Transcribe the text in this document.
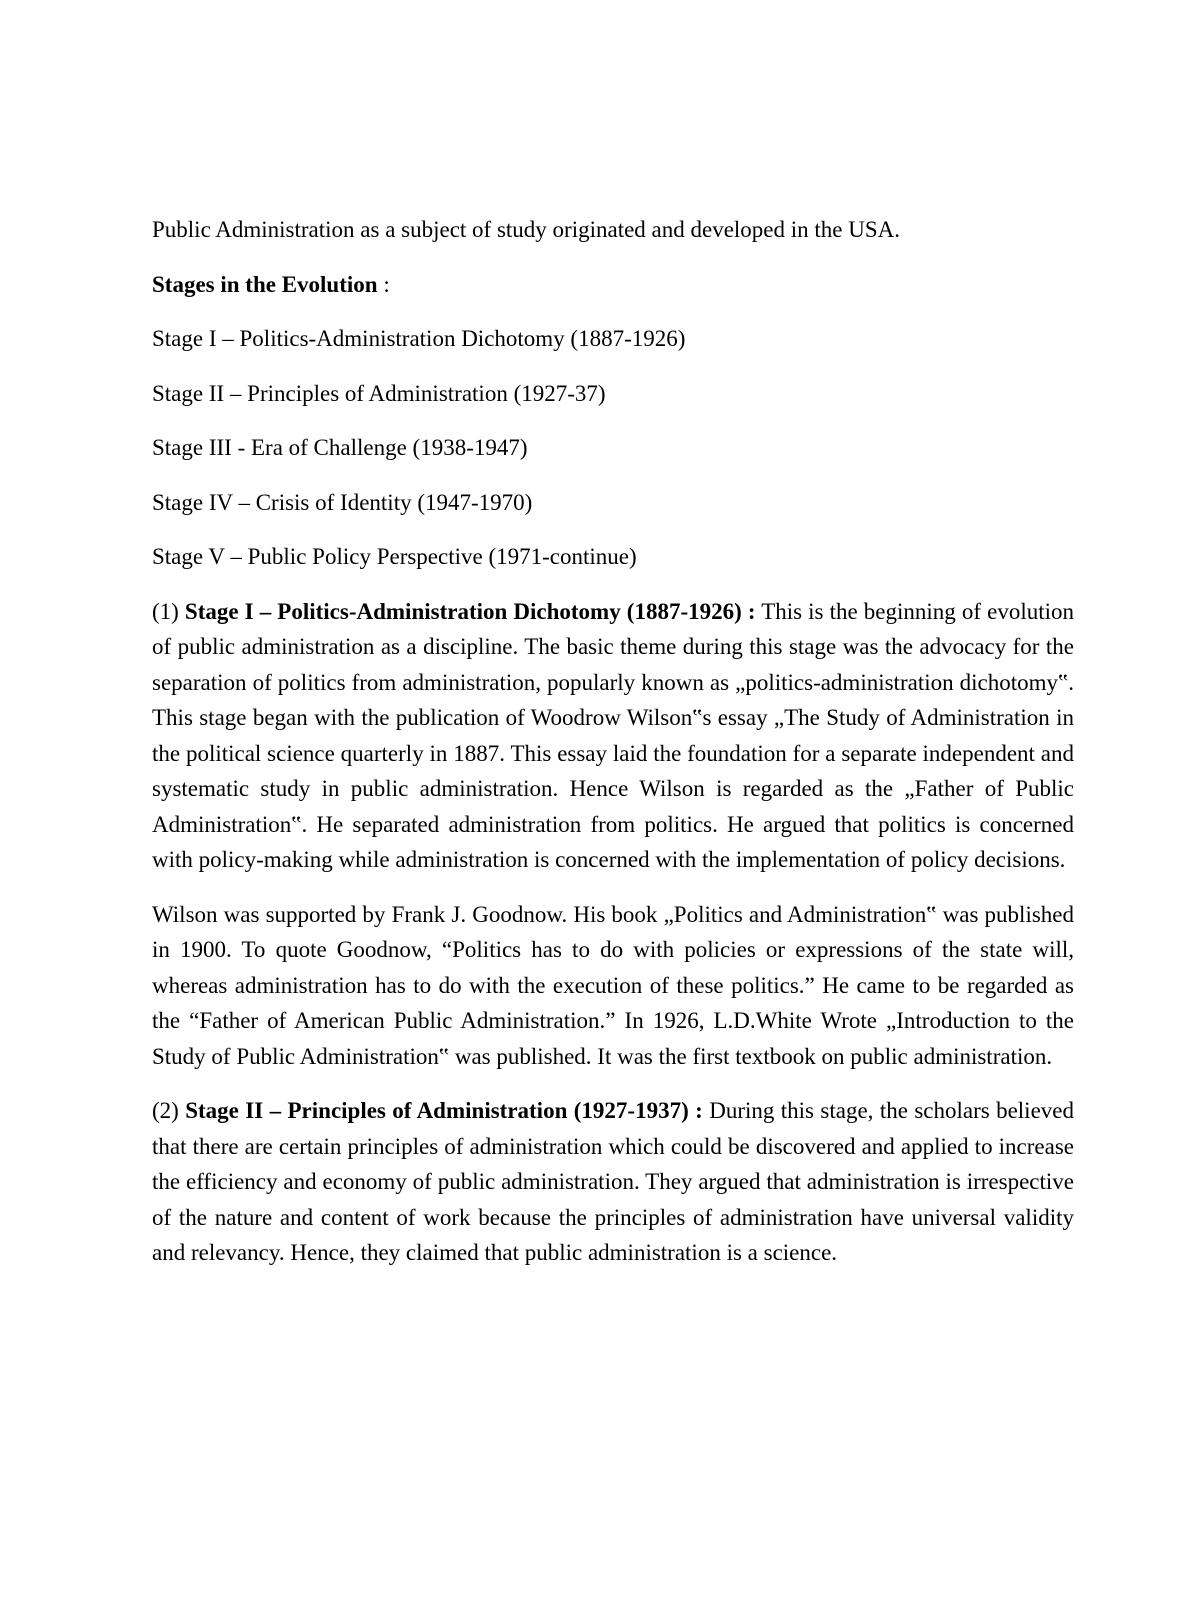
Public Administration as a subject of study originated and developed in the USA.

Stages in the Evolution :

Stage I – Politics-Administration Dichotomy (1887-1926)

Stage II – Principles of Administration (1927-37)

Stage III - Era of Challenge (1938-1947)

Stage IV – Crisis of Identity (1947-1970)

Stage V – Public Policy Perspective (1971-continue)

(1) Stage I – Politics-Administration Dichotomy (1887-1926) : This is the beginning of evolution of public administration as a discipline. The basic theme during this stage was the advocacy for the separation of politics from administration, popularly known as „politics-administration dichotomy‟. This stage began with the publication of Woodrow Wilson‟s essay „The Study of Administration in the political science quarterly in 1887. This essay laid the foundation for a separate independent and systematic study in public administration. Hence Wilson is regarded as the „Father of Public Administration‟. He separated administration from politics. He argued that politics is concerned with policy-making while administration is concerned with the implementation of policy decisions.

Wilson was supported by Frank J. Goodnow. His book „Politics and Administration‟ was published in 1900. To quote Goodnow, “Politics has to do with policies or expressions of the state will, whereas administration has to do with the execution of these politics.” He came to be regarded as the “Father of American Public Administration.” In 1926, L.D.White Wrote „Introduction to the Study of Public Administration‟ was published. It was the first textbook on public administration.

(2) Stage II – Principles of Administration (1927-1937) : During this stage, the scholars believed that there are certain principles of administration which could be discovered and applied to increase the efficiency and economy of public administration. They argued that administration is irrespective of the nature and content of work because the principles of administration have universal validity and relevancy. Hence, they claimed that public administration is a science.
